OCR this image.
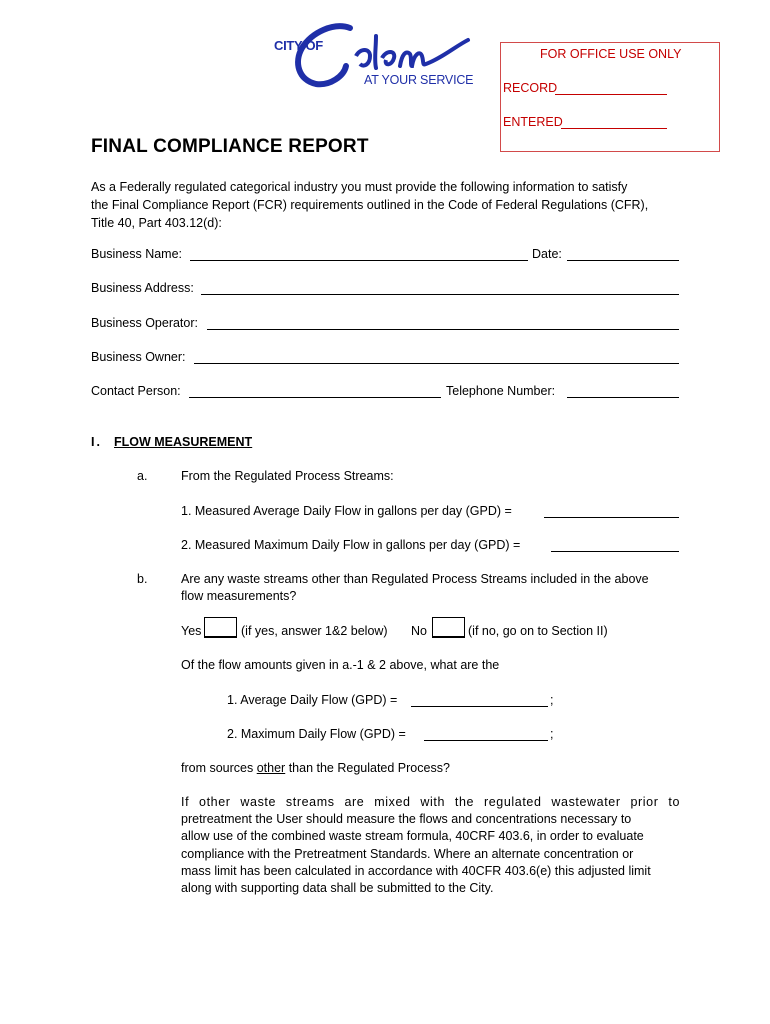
CITY OF
AT YOUR SERVICE
FOR OFFICE USE ONLY
RECORD
ENTERED
FINAL COMPLIANCE REPORT
As a Federally regulated categorical industry you must provide the following information to satisfy
the Final Compliance Report (FCR) requirements outlined in the Code of Federal Regulations (CFR),
Title 40, Part 403.12(d):
Business Name:	Date:
Business Address:
Business Operator:
Business Owner:
Contact Person:	Telephone Number:
I. FLOW MEASUREMENT
a.	From the Regulated Process Streams:
1. Measured Average Daily Flow in gallons per day (GPD) =
2. Measured Maximum Daily Flow in gallons per day (GPD) =
b.	Are any waste streams other than Regulated Process Streams included in the above
flow measurements?
Yes	(if yes, answer 1&2 below) No	(if no, go on to Section II)
Of the flow amounts given in a.-1 & 2 above, what are the
1. Average Daily Flow (GPD) =	;
2. Maximum Daily Flow (GPD) =	;
from sources other than the Regulated Process?
If other waste streams are mixed with the regulated wastewater prior to
pretreatment the User should measure the flows and concentrations necessary to
allow use of the combined waste stream formula, 40CRF 403.6, in order to evaluate
compliance with the Pretreatment Standards. Where an alternate concentration or
mass limit has been calculated in accordance with 40CFR 403.6(e) this adjusted limit
along with supporting data shall be submitted to the City.
